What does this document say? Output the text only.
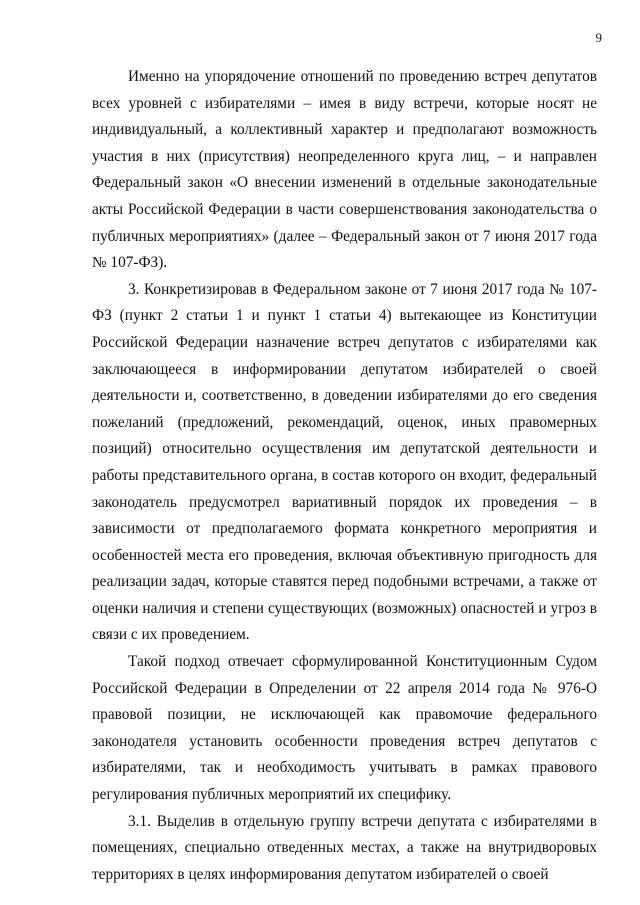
9

Именно на упорядочение отношений по проведению встреч депутатов
всех уровней с избирателями – имея в виду встречи, которые носят не
индивидуальный, а коллективный характер и предполагают возможность
участия в них (присутствия) неопределенного круга лиц, – и направлен
Федеральный закон «О внесении изменений в отдельные законодательные
акты Российской Федерации в части совершенствования законодательства о
публичных мероприятиях» (далее – Федеральный закон от 7 июня 2017 года
№ 107-ФЗ).

3. Конкретизировав в Федеральном законе от 7 июня 2017 года № 107-
ФЗ (пункт 2 статьи 1 и пункт 1 статьи 4) вытекающее из Конституции
Российской Федерации назначение встреч депутатов с избирателями как
заключающееся в информировании депутатом избирателей о своей
деятельности и, соответственно, в доведении избирателями до его сведения
пожеланий (предложений, рекомендаций, оценок, иных правомерных
позиций) относительно осуществления им депутатской деятельности и
работы представительного органа, в состав которого он входит, федеральный
законодатель предусмотрел вариативный порядок их проведения – в
зависимости от предполагаемого формата конкретного мероприятия и
особенностей места его проведения, включая объективную пригодность для
реализации задач, которые ставятся перед подобными встречами, а также от
оценки наличия и степени существующих (возможных) опасностей и угроз в
связи с их проведением.

Такой подход отвечает сформулированной Конституционным Судом
Российской Федерации в Определении от 22 апреля 2014 года № 976-О
правовой позиции, не исключающей как правомочие федерального
законодателя установить особенности проведения встреч депутатов с
избирателями, так и необходимость учитывать в рамках правового
регулирования публичных мероприятий их специфику.

3.1. Выделив в отдельную группу встречи депутата с избирателями в
помещениях, специально отведенных местах, а также на внутридворовых
территориях в целях информирования депутатом избирателей о своей
